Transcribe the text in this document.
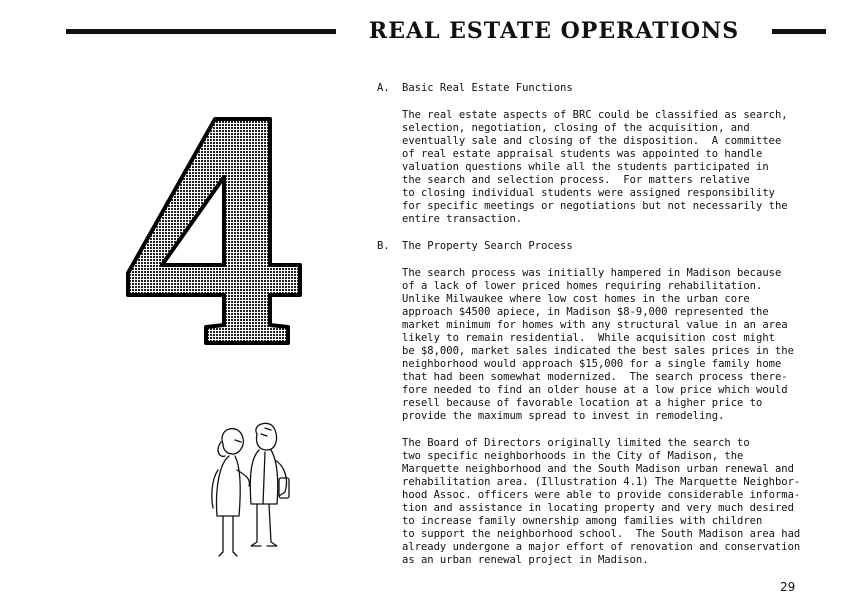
REAL ESTATE OPERATIONS
A.	Basic Real Estate Functions

The real estate aspects of BRC could be classified as search,
selection, negotiation, closing of the acquisition, and
eventually sale and closing of the disposition.  A committee
of real estate appraisal students was appointed to handle
valuation questions while all the students participated in
the search and selection process.  For matters relative
to closing individual students were assigned responsibility
for specific meetings or negotiations but not necessarily the
entire transaction.

B.	The Property Search Process

The search process was initially hampered in Madison because
of a lack of lower priced homes requiring rehabilitation.
Unlike Milwaukee where low cost homes in the urban core
approach $4500 apiece, in Madison $8-9,000 represented the
market minimum for homes with any structural value in an area
likely to remain residential.  While acquisition cost might
be $8,000, market sales indicated the best sales prices in the
neighborhood would approach $15,000 for a single family home
that had been somewhat modernized.  The search process there-
fore needed to find an older house at a low price which would
resell because of favorable location at a higher price to
provide the maximum spread to invest in remodeling.

The Board of Directors originally limited the search to
two specific neighborhoods in the City of Madison, the
Marquette neighborhood and the South Madison urban renewal and
rehabilitation area. (Illustration 4.1) The Marquette Neighbor-
hood Assoc. officers were able to provide considerable informa-
tion and assistance in locating property and very much desired
to increase family ownership among families with children
to support the neighborhood school.  The South Madison area had
already undergone a major effort of renovation and conservation
as an urban renewal project in Madison.

29
